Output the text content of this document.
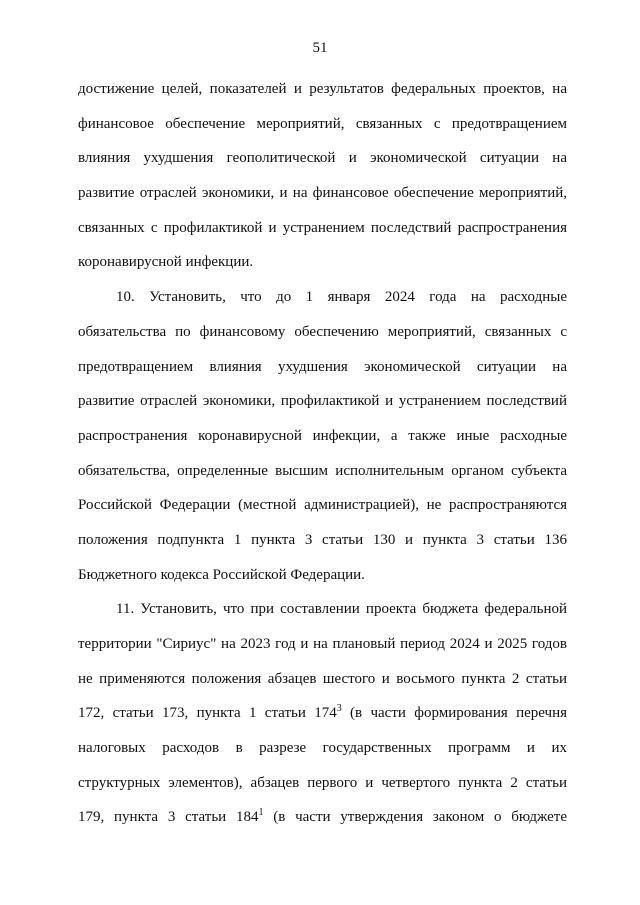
51
достижение целей, показателей и результатов федеральных проектов, на
финансовое обеспечение мероприятий, связанных с предотвращением
влияния ухудшения геополитической и экономической ситуации на
развитие отраслей экономики, и на финансовое обеспечение мероприятий,
связанных с профилактикой и устранением последствий распространения
коронавирусной инфекции.
10. Установить, что до 1 января 2024 года на расходные
обязательства по финансовому обеспечению мероприятий, связанных с
предотвращением влияния ухудшения экономической ситуации на
развитие отраслей экономики, профилактикой и устранением последствий
распространения коронавирусной инфекции, а также иные расходные
обязательства, определенные высшим исполнительным органом субъекта
Российской Федерации (местной администрацией), не распространяются
положения подпункта 1 пункта 3 статьи 130 и пункта 3 статьи 136
Бюджетного кодекса Российской Федерации.
11. Установить, что при составлении проекта бюджета федеральной
территории "Сириус" на 2023 год и на плановый период 2024 и 2025 годов
не применяются положения абзацев шестого и восьмого пункта 2 статьи
172, статьи 173, пункта 1 статьи $174^3$ (в части формирования перечня
налоговых расходов в разрезе государственных программ и их
структурных элементов), абзацев первого и четвертого пункта 2 статьи
179, пункта 3 статьи $184^1$ (в части утверждения законом о бюджете
